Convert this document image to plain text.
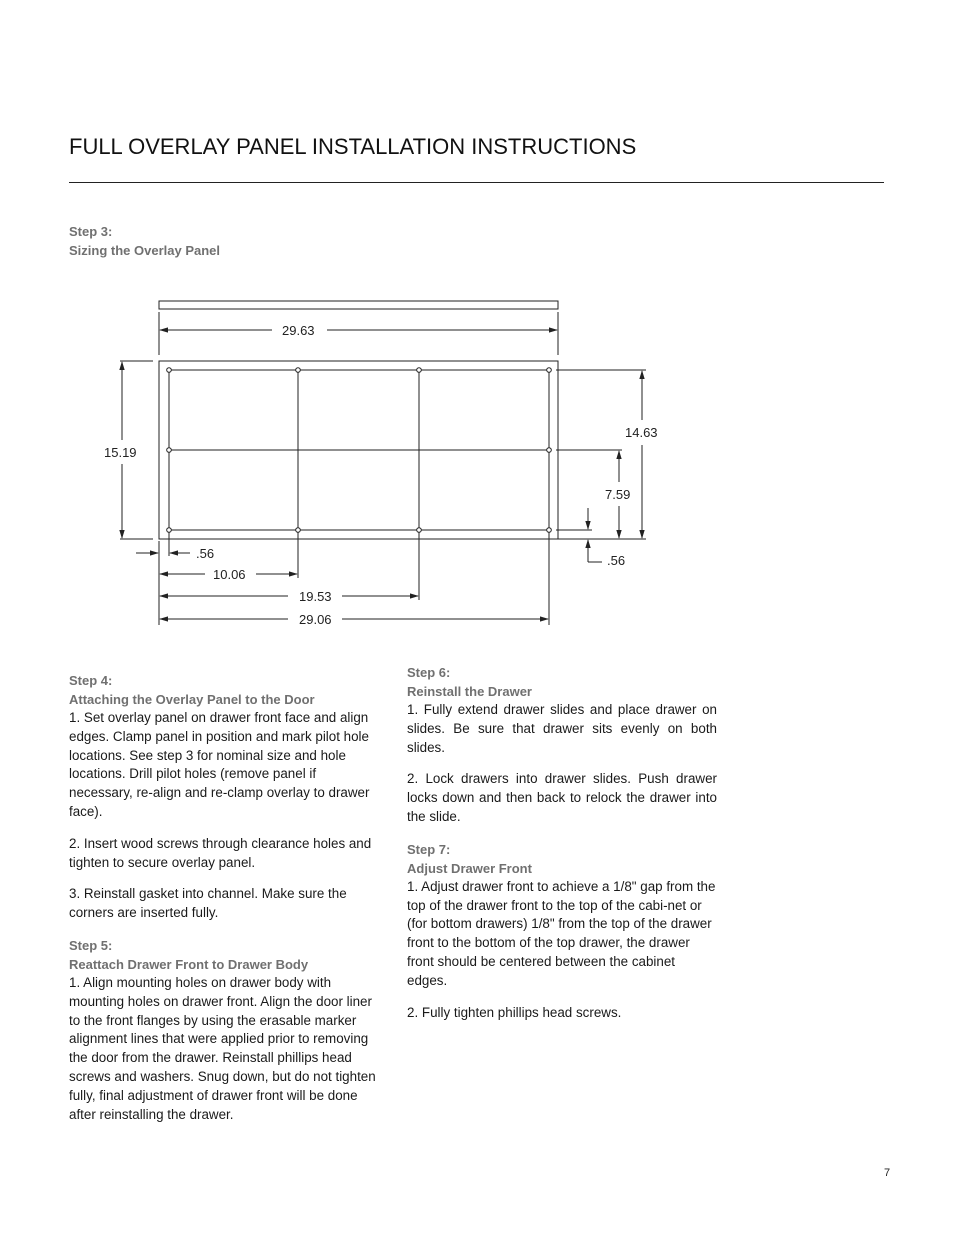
FULL OVERLAY PANEL INSTALLATION INSTRUCTIONS
Step 3:
Sizing the Overlay Panel
29.63
15.19
14.63
7.59
.56
.56
10.06
19.53
29.06
Step 4:
Attaching the Overlay Panel to the Door

1. Set overlay panel on drawer front face and align edges. Clamp panel in position and mark pilot hole locations. See step 3 for nominal size and hole locations. Drill pilot holes (remove panel if necessary, re-align and re-clamp overlay to drawer face).

2. Insert wood screws through clearance holes and tighten to secure overlay panel.

3. Reinstall gasket into channel. Make sure the corners are inserted fully.

Step 5:
Reattach Drawer Front to Drawer Body

1. Align mounting holes on drawer body with mounting holes on drawer front. Align the door liner to the front flanges by using the erasable marker alignment lines that were applied prior to removing the door from the drawer. Reinstall phillips head screws and washers. Snug down, but do not tighten fully, final adjustment of drawer front will be done after reinstalling the drawer.

Step 6:
Reinstall the Drawer

1. Fully extend drawer slides and place drawer on slides. Be sure that drawer sits evenly on both slides.

2. Lock drawers into drawer slides. Push drawer locks down and then back to relock the drawer into the slide.

Step 7:
Adjust Drawer Front

1. Adjust drawer front to achieve a 1/8" gap from the top of the drawer front to the top of the cabi-net or (for bottom drawers) 1/8" from the top of the drawer front to the bottom of the top drawer, the drawer front should be centered between the cabinet edges.

2. Fully tighten phillips head screws.

7
